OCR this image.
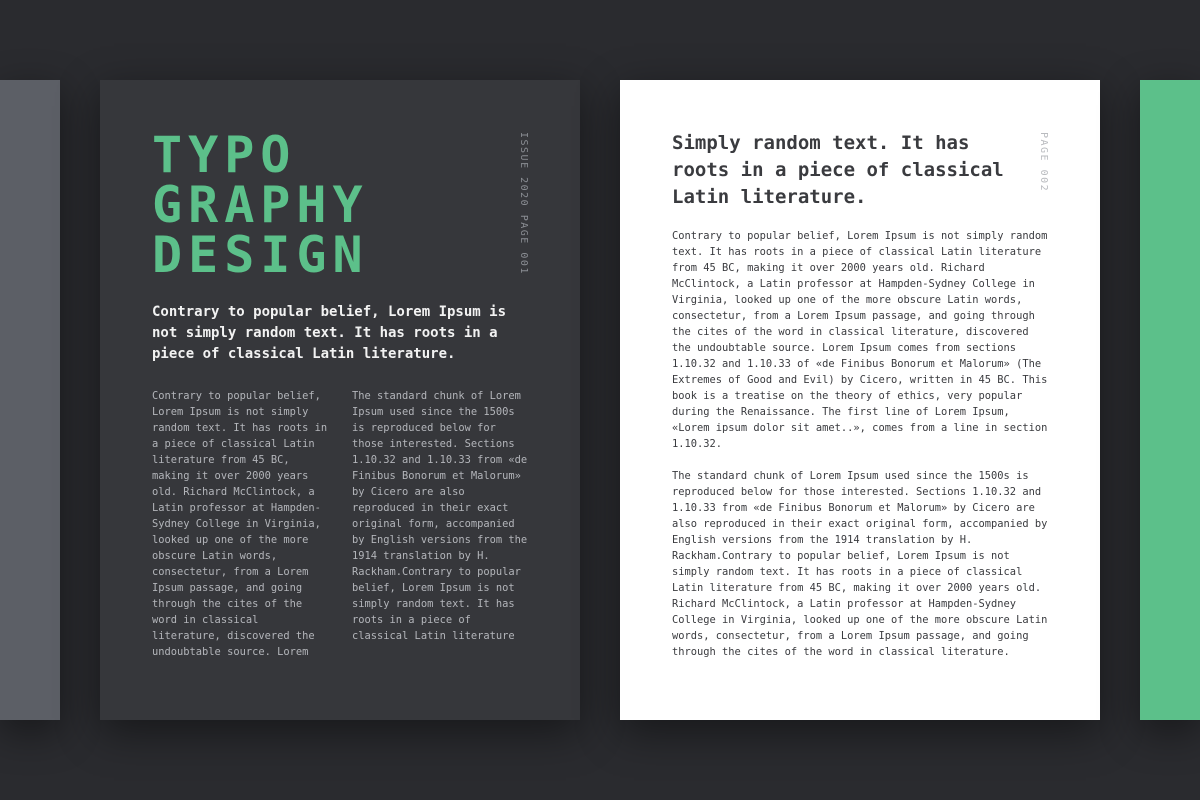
TYPO
GRAPHY
DESIGN	ISSUE 2020 PAGE 001

Contrary to popular belief, Lorem Ipsum is not simply random text. It has roots in a piece of classical Latin literature.

Contrary to popular belief, Lorem Ipsum is not simply random text. It has roots in a piece of classical Latin literature from 45 BC, making it over 2000 years old. Richard McClintock, a Latin professor at Hampden-Sydney College in Virginia, looked up one of the more obscure Latin words, consectetur, from a Lorem Ipsum passage, and going through the cites of the word in classical literature, discovered the undoubtable source. Lorem

The standard chunk of Lorem Ipsum used since the 1500s is reproduced below for those interested. Sections 1.10.32 and 1.10.33 from «de Finibus Bonorum et Malorum» by Cicero are also reproduced in their exact original form, accompanied by English versions from the 1914 translation by H. Rackham.Contrary to popular belief, Lorem Ipsum is not simply random text. It has roots in a piece of classical Latin literature

Simply random text. It has roots in a piece of classical Latin literature.
PAGE 002

Contrary to popular belief, Lorem Ipsum is not simply random text. It has roots in a piece of classical Latin literature from 45 BC, making it over 2000 years old. Richard McClintock, a Latin professor at Hampden-Sydney College in Virginia, looked up one of the more obscure Latin words, consectetur, from a Lorem Ipsum passage, and going through the cites of the word in classical literature, discovered the undoubtable source. Lorem Ipsum comes from sections 1.10.32 and 1.10.33 of «de Finibus Bonorum et Malorum» (The Extremes of Good and Evil) by Cicero, written in 45 BC. This book is a treatise on the theory of ethics, very popular during the Renaissance. The first line of Lorem Ipsum, «Lorem ipsum dolor sit amet..», comes from a line in section 1.10.32.

The standard chunk of Lorem Ipsum used since the 1500s is reproduced below for those interested. Sections 1.10.32 and 1.10.33 from «de Finibus Bonorum et Malorum» by Cicero are also reproduced in their exact original form, accompanied by English versions from the 1914 translation by H. Rackham.Contrary to popular belief, Lorem Ipsum is not simply random text. It has roots in a piece of classical Latin literature from 45 BC, making it over 2000 years old. Richard McClintock, a Latin professor at Hampden-Sydney College in Virginia, looked up one of the more obscure Latin words, consectetur, from a Lorem Ipsum passage, and going through the cites of the word in classical literature.
